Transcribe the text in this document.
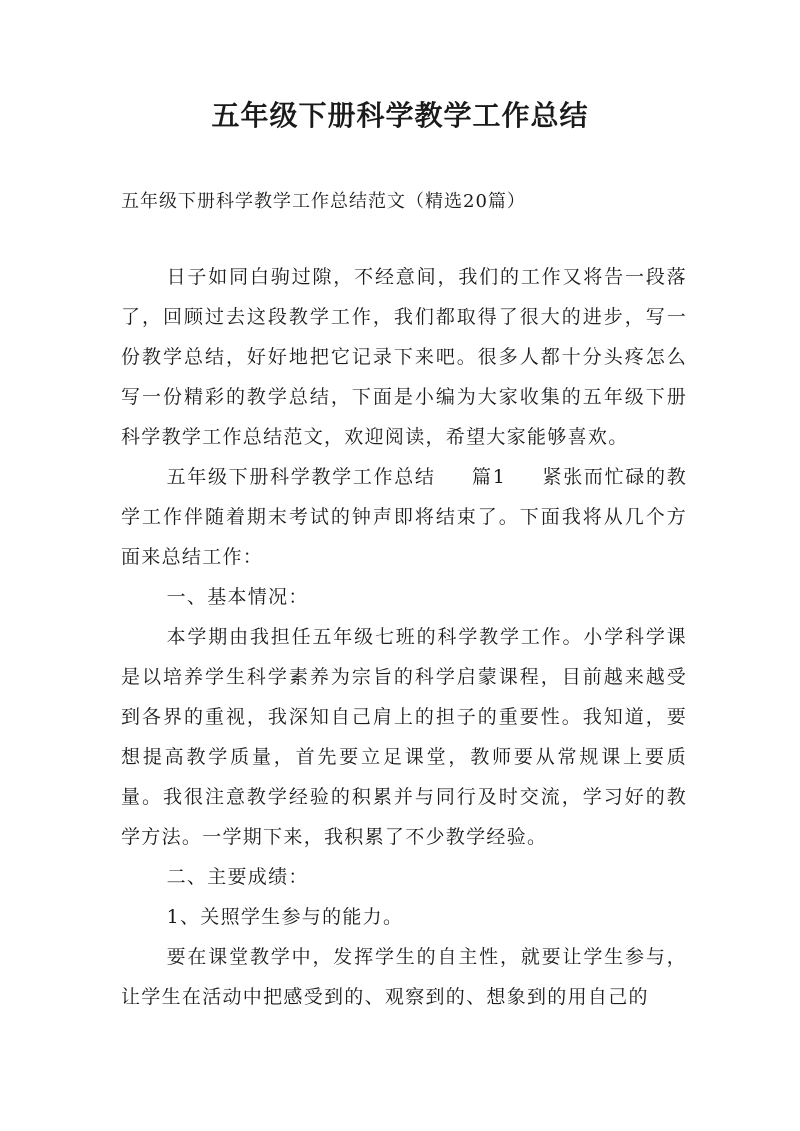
五年级下册科学教学工作总结
五年级下册科学教学工作总结范文（精选20篇）

日子如同白驹过隙，不经意间，我们的工作又将告一段落了，回顾过去这段教学工作，我们都取得了很大的进步，写一份教学总结，好好地把它记录下来吧。很多人都十分头疼怎么写一份精彩的教学总结，下面是小编为大家收集的五年级下册科学教学工作总结范文，欢迎阅读，希望大家能够喜欢。

五年级下册科学教学工作总结 篇1 紧张而忙碌的教学工作伴随着期末考试的钟声即将结束了。下面我将从几个方面来总结工作：

一、基本情况：

本学期由我担任五年级七班的科学教学工作。小学科学课是以培养学生科学素养为宗旨的科学启蒙课程，目前越来越受到各界的重视，我深知自己肩上的担子的重要性。我知道，要想提高教学质量，首先要立足课堂，教师要从常规课上要质量。我很注意教学经验的积累并与同行及时交流，学习好的教学方法。一学期下来，我积累了不少教学经验。

二、主要成绩：

1、关照学生参与的能力。

要在课堂教学中，发挥学生的自主性，就要让学生参与，让学生在活动中把感受到的、观察到的、想象到的用自己的
